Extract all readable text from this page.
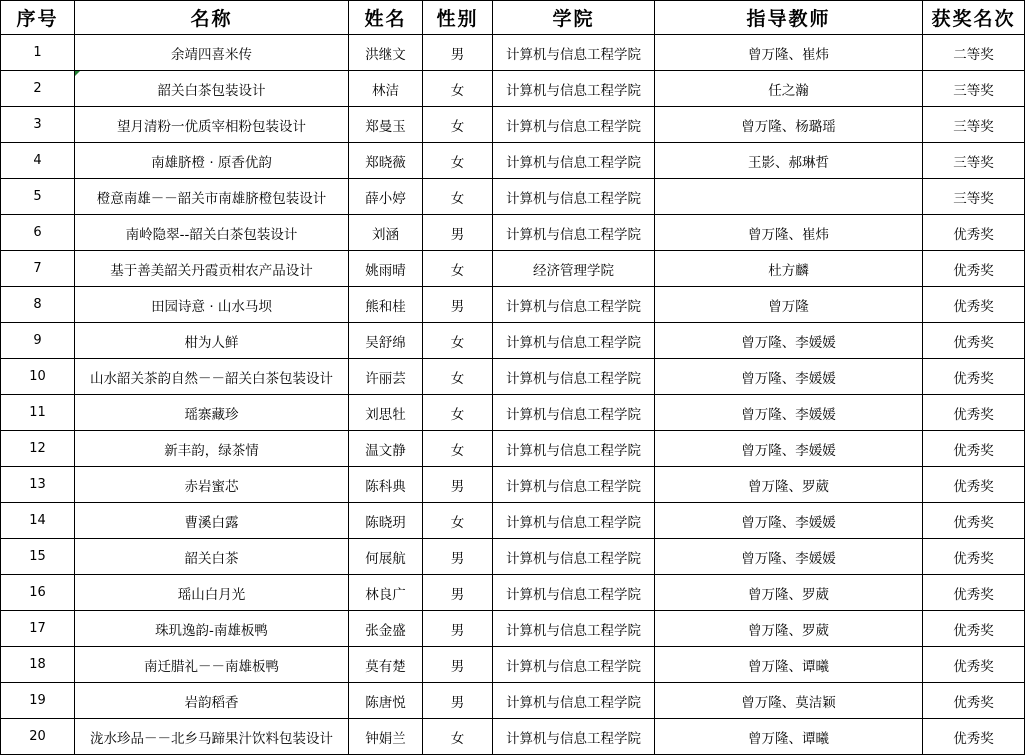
序号	名称	姓名	性别	学院	指导教师	获奖名次
1	余靖四喜米传	洪继文	男	计算机与信息工程学院	曾万隆、崔炜	二等奖
2	韶关白茶包装设计	林洁	女	计算机与信息工程学院	任之瀚	三等奖
3	望月清粉一优质宰相粉包装设计	郑曼玉	女	计算机与信息工程学院	曾万隆、杨璐瑶	三等奖
4	南雄脐橙 · 原香优韵	郑晓薇	女	计算机与信息工程学院	王影、郝琳哲	三等奖
5	橙意南雄－－韶关市南雄脐橙包装设计	薛小婷	女	计算机与信息工程学院		三等奖
6	南岭隐翠--韶关白茶包装设计	刘涵	男	计算机与信息工程学院	曾万隆、崔炜	优秀奖
7	基于善美韶关丹霞贡柑农产品设计	姚雨晴	女	经济管理学院	杜方麟	优秀奖
8	田园诗意 · 山水马坝	熊和桂	男	计算机与信息工程学院	曾万隆	优秀奖
9	柑为人鲜	吴舒绵	女	计算机与信息工程学院	曾万隆、李媛媛	优秀奖
10	山水韶关茶韵自然－－韶关白茶包装设计	许丽芸	女	计算机与信息工程学院	曾万隆、李媛媛	优秀奖
11	瑶寨藏珍	刘思牡	女	计算机与信息工程学院	曾万隆、李媛媛	优秀奖
12	新丰韵，绿茶情	温文静	女	计算机与信息工程学院	曾万隆、李媛媛	优秀奖
13	赤岩蜜芯	陈科典	男	计算机与信息工程学院	曾万隆、罗葳	优秀奖
14	曹溪白露	陈晓玥	女	计算机与信息工程学院	曾万隆、李媛媛	优秀奖
15	韶关白茶	何展航	男	计算机与信息工程学院	曾万隆、李媛媛	优秀奖
16	瑶山白月光	林良广	男	计算机与信息工程学院	曾万隆、罗葳	优秀奖
17	珠玑逸韵-南雄板鸭	张金盛	男	计算机与信息工程学院	曾万隆、罗葳	优秀奖
18	南迁腊礼－－南雄板鸭	莫有楚	男	计算机与信息工程学院	曾万隆、谭曦	优秀奖
19	岩韵稻香	陈唐悦	男	计算机与信息工程学院	曾万隆、莫洁颖	优秀奖
20	泷水珍品－－北乡马蹄果汁饮料包装设计	钟娟兰	女	计算机与信息工程学院	曾万隆、谭曦	优秀奖
